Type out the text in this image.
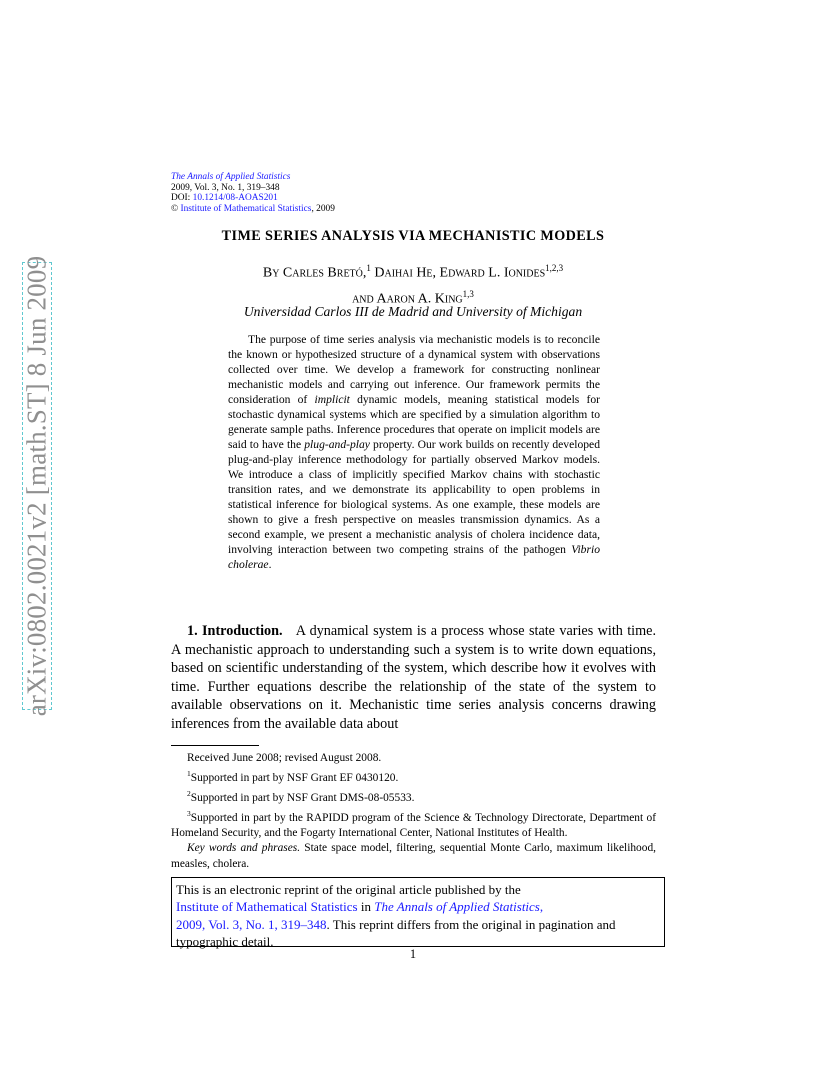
arXiv:0802.0021v2 [math.ST] 8 Jun 2009
The Annals of Applied Statistics
2009, Vol. 3, No. 1, 319–348
DOI: 10.1214/08-AOAS201
© Institute of Mathematical Statistics, 2009
TIME SERIES ANALYSIS VIA MECHANISTIC MODELS
By Carles Bretó,$^1$ Daihai He, Edward L. Ionides$^{1,2,3}$
and Aaron A. King$^{1,3}$
Universidad Carlos III de Madrid and University of Michigan
The purpose of time series analysis via mechanistic models is to reconcile the known or hypothesized structure of a dynamical system with observations collected over time. We develop a framework for constructing nonlinear mechanistic models and carrying out inference. Our framework permits the consideration of implicit dynamic models, meaning statistical models for stochastic dynamical systems which are specified by a simulation algorithm to generate sample paths. Inference procedures that operate on implicit models are said to have the plug-and-play property. Our work builds on recently developed plug-and-play inference methodology for partially observed Markov models. We introduce a class of implicitly specified Markov chains with stochastic transition rates, and we demonstrate its applicability to open problems in statistical inference for biological systems. As one example, these models are shown to give a fresh perspective on measles transmission dynamics. As a second example, we present a mechanistic analysis of cholera incidence data, involving interaction between two competing strains of the pathogen Vibrio cholerae.
1. Introduction. A dynamical system is a process whose state varies with time. A mechanistic approach to understanding such a system is to write down equations, based on scientific understanding of the system, which describe how it evolves with time. Further equations describe the relationship of the state of the system to available observations on it. Mechanistic time series analysis concerns drawing inferences from the available data about

Received June 2008; revised August 2008.

$^1$Supported in part by NSF Grant EF 0430120.

$^2$Supported in part by NSF Grant DMS-08-05533.

$^3$Supported in part by the RAPIDD program of the Science & Technology Directorate, Department of Homeland Security, and the Fogarty International Center, National Institutes of Health.

Key words and phrases. State space model, filtering, sequential Monte Carlo, maximum likelihood, measles, cholera.

This is an electronic reprint of the original article published by the
Institute of Mathematical Statistics in The Annals of Applied Statistics,
2009, Vol. 3, No. 1, 319–348. This reprint differs from the original in pagination and typographic detail.
1
